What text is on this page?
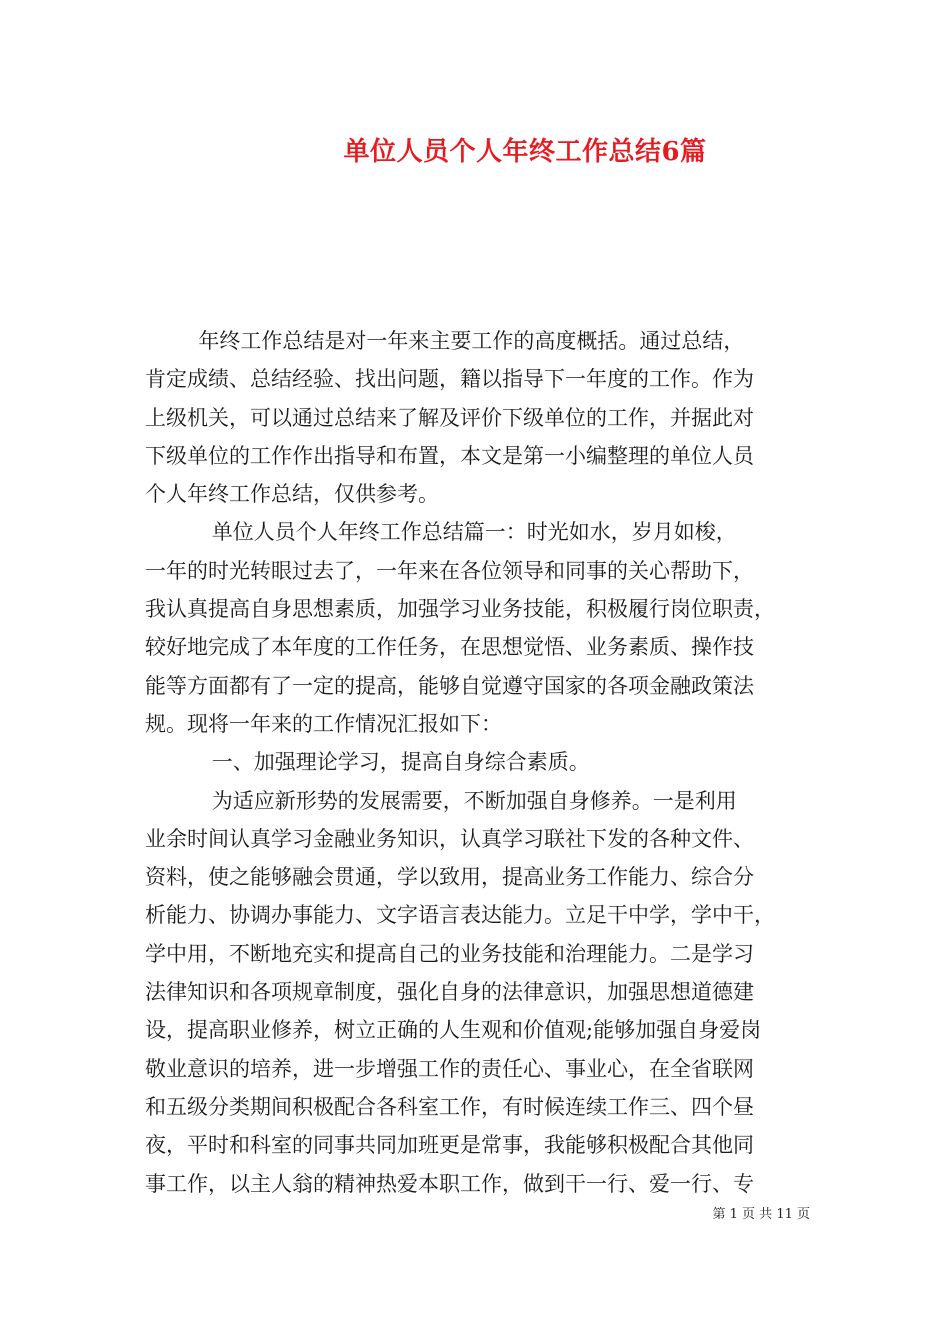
单位人员个人年终工作总结6篇
年终工作总结是对一年来主要工作的高度概括。通过总结，
肯定成绩、总结经验、找出问题，籍以指导下一年度的工作。作为
上级机关，可以通过总结来了解及评价下级单位的工作，并据此对
下级单位的工作作出指导和布置，本文是第一小编整理的单位人员
个人年终工作总结，仅供参考。
单位人员个人年终工作总结篇一：时光如水，岁月如梭，
一年的时光转眼过去了，一年来在各位领导和同事的关心帮助下，
我认真提高自身思想素质，加强学习业务技能，积极履行岗位职责，
较好地完成了本年度的工作任务，在思想觉悟、业务素质、操作技
能等方面都有了一定的提高，能够自觉遵守国家的各项金融政策法
规。现将一年来的工作情况汇报如下：
一、加强理论学习，提高自身综合素质。
为适应新形势的发展需要，不断加强自身修养。一是利用
业余时间认真学习金融业务知识，认真学习联社下发的各种文件、
资料，使之能够融会贯通，学以致用，提高业务工作能力、综合分
析能力、协调办事能力、文字语言表达能力。立足干中学，学中干，
学中用，不断地充实和提高自己的业务技能和治理能力。二是学习
法律知识和各项规章制度，强化自身的法律意识，加强思想道德建
设，提高职业修养，树立正确的人生观和价值观;能够加强自身爱岗
敬业意识的培养，进一步增强工作的责任心、事业心，在全省联网
和五级分类期间积极配合各科室工作，有时候连续工作三、四个昼
夜，平时和科室的同事共同加班更是常事，我能够积极配合其他同
事工作，以主人翁的精神热爱本职工作，做到干一行、爱一行、专
第 1 页 共 11 页
